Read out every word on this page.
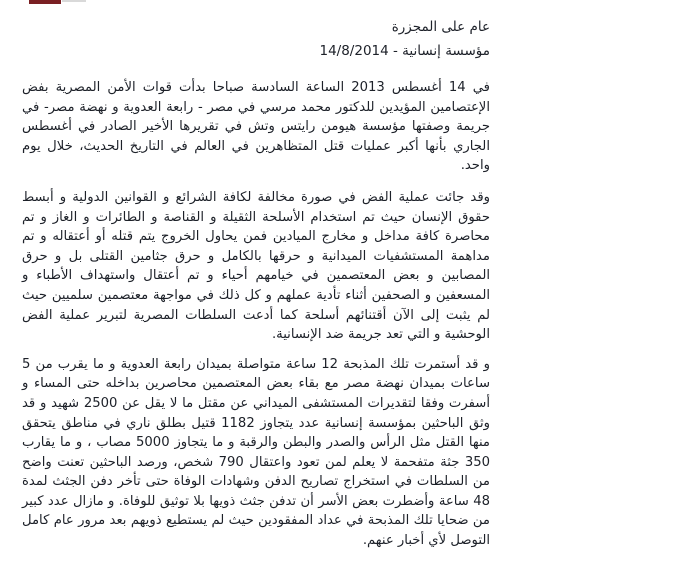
عام على المجزرة
مؤسسة إنسانية - 14/8/2014

في 14 أغسطس 2013 الساعة السادسة صباحا بدأت قوات الأمن المصرية بفض الإعتصامين المؤيدين للدكتور محمد مرسي في مصر - رابعة العدوية و نهضة مصر- في جريمة وصفتها مؤسسة هيومن رايتس وتش في تقريرها الأخير الصادر في أغسطس الجاري بأنها أكبر عمليات قتل المتظاهرين في العالم في التاريخ الحديث، خلال يوم واحد.

وقد جائت عملية الفض في صورة مخالفة لكافة الشرائع و القوانين الدولية و أبسط حقوق الإنسان حيث تم استخدام الأسلحة الثقيلة و القناصة و الطائرات و الغاز و تم محاصرة كافة مداخل و مخارج الميادين فمن يحاول الخروج يتم قتله أو أعتقاله و تم مداهمة المستشفيات الميدانية و حرقها بالكامل و حرق جثامين القتلى بل و حرق المصابين و بعض المعتصمين في خيامهم أحياء و تم أعتقال واستهداف الأطباء و المسعفين و الصحفين أثناء تأدية عملهم و كل ذلك في مواجهة معتصمين سلميين حيث لم يثبت إلى الآن أقتنائهم أسلحة كما أدعت السلطات المصرية لتبرير عملية الفض الوحشية و التي تعد جريمة ضد الإنسانية.

و قد أستمرت تلك المذبحة 12 ساعة متواصلة بميدان رابعة العدوية و ما يقرب من 5 ساعات بميدان نهضة مصر مع بقاء بعض المعتصمين محاصرين بداخله حتى المساء و أسفرت وفقا لتقديرات المستشفى الميداني عن مقتل ما لا يقل عن 2500 شهيد و قد وثق الباحثين بمؤسسة إنسانية عدد يتجاوز 1182 قتيل بطلق ناري في مناطق يتحقق منها القتل مثل الرأس والصدر والبطن والرقبة و ما يتجاوز 5000 مصاب ، و ما يقارب 350 جثة متفحمة لا يعلم لمن تعود واعتقال 790 شخص، ورصد الباحثين تعنت واضح من السلطات في استخراج تصاريح الدفن وشهادات الوفاة حتى تأخر دفن الجثث لمدة 48 ساعة وأضطرت بعض الأسر أن تدفن جثث ذويها بلا توثيق للوفاة. و مازال عدد كبير من ضحايا تلك المذبحة في عداد المفقودين حيث لم يستطيع ذويهم بعد مرور عام كامل التوصل لأي أخبار عنهم.
